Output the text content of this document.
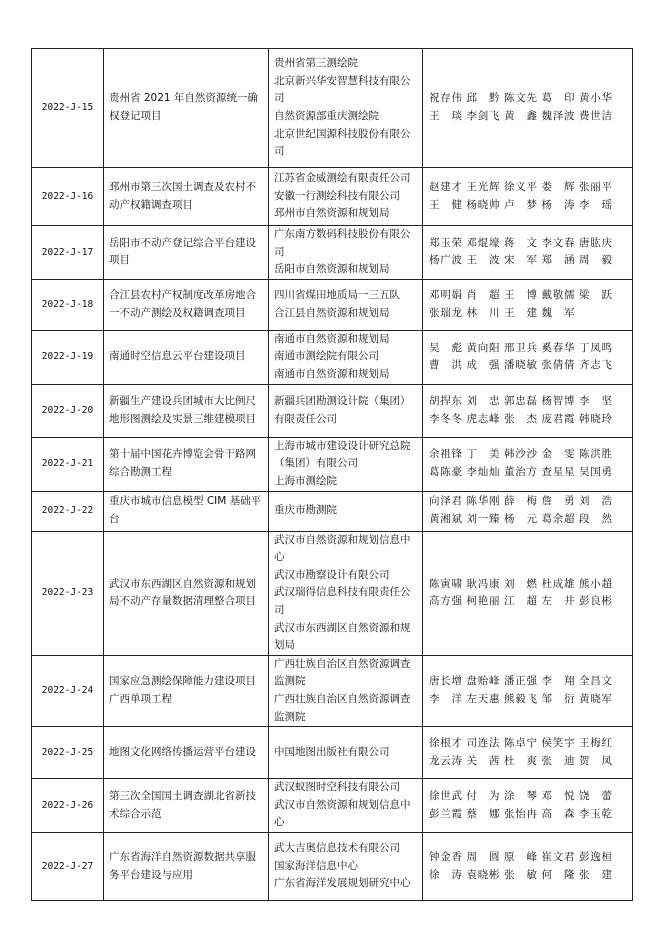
2022-J-15	贵州省 2021 年自然资源统一确权登记项目	贵州省第三测绘院
北京新兴华安智慧科技有限公司
自然资源部重庆测绘院
北京世纪国源科技股份有限公司	祝存伟 邱黔 陈文先 葛印 黄小华
王琰 李剑飞 黄鑫 魏泽波 费世洁
2022-J-16	邳州市第三次国土调查及农村不动产权籍调查项目	江苏省金威测绘有限责任公司
安徽一行测绘科技有限公司
邳州市自然资源和规划局	赵建才 王光辉 徐义平 娄辉 张丽平
王健 杨晓帅 卢梦 杨涛 李瑶
2022-J-17	岳阳市不动产登记综合平台建设项目	广东南方数码科技股份有限公司
岳阳市自然资源和规划局	郑玉荣 邓焜壕 蒋文 李文春 唐肱庆
杨广波 王波 宋军 郑涵 周毅
2022-J-18	合江县农村产权制度改革房地合一不动产测绘及权籍调查项目	四川省煤田地质局一三五队
合江县自然资源和规划局	邓明娟 肖超 王博 戴敬儒 梁跃
张瑞龙 林川 王建 魏军
2022-J-19	南通时空信息云平台建设项目	南通市自然资源和规划局
南通市测绘院有限公司
南通市自然资源和规划局	吴彪 黄向阳 邢卫兵 奚春华 丁凤鸣
曹洪 成强 潘晓敏 张倩倩 齐志飞
2022-J-20	新疆生产建设兵团城市大比例尺地形图测绘及实景三维建模项目	新疆兵团勘测设计院（集团）有限责任公司	胡捍东 刘忠 郭忠磊 杨智博 李坚
李冬冬 虎志峰 张杰 庞君霞 韩晓玲
2022-J-21	第十届中国花卉博览会骨干路网综合勘测工程	上海市城市建设设计研究总院（集团）有限公司
上海市测绘院	余祖锋 丁美 韩沙沙 金雯 陈洪胜
葛陈豪 李灿灿 董治方 查星星 吴国勇
2022-J-22	重庆市城市信息模型 CIM 基础平台	重庆市勘测院	向泽君 陈华刚 薛梅 詹勇 刘浩
黄湘斌 刘一臻 杨元 葛余超 段然
2022-J-23	武汉市东西湖区自然资源和规划局不动产存量数据清理整合项目	武汉市自然资源和规划信息中心
武汉市勘察设计有限公司
武汉瑞得信息科技有限责任公司
武汉市东西湖区自然资源和规划局	陈寅啸 耿冯康 刘燃 杜成雄 熊小超
高方强 柯艳丽 江超 左井 彭良彬
2022-J-24	国家应急测绘保障能力建设项目广西单项工程	广西壮族自治区自然资源调查监测院
广西壮族自治区自然资源调查监测院	唐长增 盘贻峰 潘正强 李翔 全昌文
李洋 左天惠 熊毅飞 邹衍 黄晓军
2022-J-25	地图文化网络传播运营平台建设	中国地图出版社有限公司	徐根才 司连法 陈卓宁 侯笑宇 王梅红
龙云涛 关茜 杜爽 张迪 贺凤
2022-J-26	第三次全国国土调查湖北省新技术综合示范	武汉蚁图时空科技有限公司
武汉市自然资源和规划信息中心	徐世武 付为 涂琴 邓悦 饶蕾
彭兰霞 蔡娜 张怡冉 高森 李玉乾
2022-J-27	广东省海洋自然资源数据共享服务平台建设与应用	武大吉奥信息技术有限公司
国家海洋信息中心
广东省海洋发展规划研究中心	钟金香 周圆 原峰 崔文君 彭逸桓
徐涛 袁晓彬 张敏 何隆 张建
